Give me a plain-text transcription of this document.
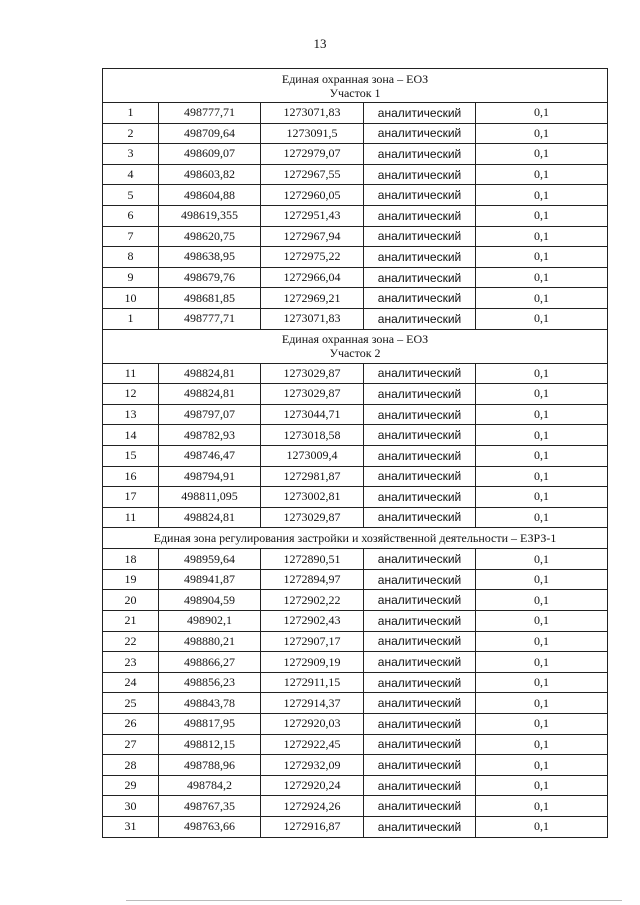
13
Единая охранная зона – ЕОЗ
Участок 1				

1	498777,71	1273071,83	аналитический	0,1
2	498709,64	1273091,5	аналитический	0,1
3	498609,07	1272979,07	аналитический	0,1
4	498603,82	1272967,55	аналитический	0,1
5	498604,88	1272960,05	аналитический	0,1
6	498619,355	1272951,43	аналитический	0,1
7	498620,75	1272967,94	аналитический	0,1
8	498638,95	1272975,22	аналитический	0,1
9	498679,76	1272966,04	аналитический	0,1
10	498681,85	1272969,21	аналитический	0,1
1	498777,71	1273071,83	аналитический	0,1

Единая охранная зона – ЕОЗ
Участок 2				

11	498824,81	1273029,87	аналитический	0,1
12	498824,81	1273029,87	аналитический	0,1
13	498797,07	1273044,71	аналитический	0,1
14	498782,93	1273018,58	аналитический	0,1
15	498746,47	1273009,4	аналитический	0,1
16	498794,91	1272981,87	аналитический	0,1
17	498811,095	1273002,81	аналитический	0,1
11	498824,81	1273029,87	аналитический	0,1

Единая зона регулирования застройки и хозяйственной деятельности – ЕЗРЗ-1				

18	498959,64	1272890,51	аналитический	0,1
19	498941,87	1272894,97	аналитический	0,1
20	498904,59	1272902,22	аналитический	0,1
21	498902,1	1272902,43	аналитический	0,1
22	498880,21	1272907,17	аналитический	0,1
23	498866,27	1272909,19	аналитический	0,1
24	498856,23	1272911,15	аналитический	0,1
25	498843,78	1272914,37	аналитический	0,1
26	498817,95	1272920,03	аналитический	0,1
27	498812,15	1272922,45	аналитический	0,1
28	498788,96	1272932,09	аналитический	0,1
29	498784,2	1272920,24	аналитический	0,1
30	498767,35	1272924,26	аналитический	0,1
31	498763,66	1272916,87	аналитический	0,1
